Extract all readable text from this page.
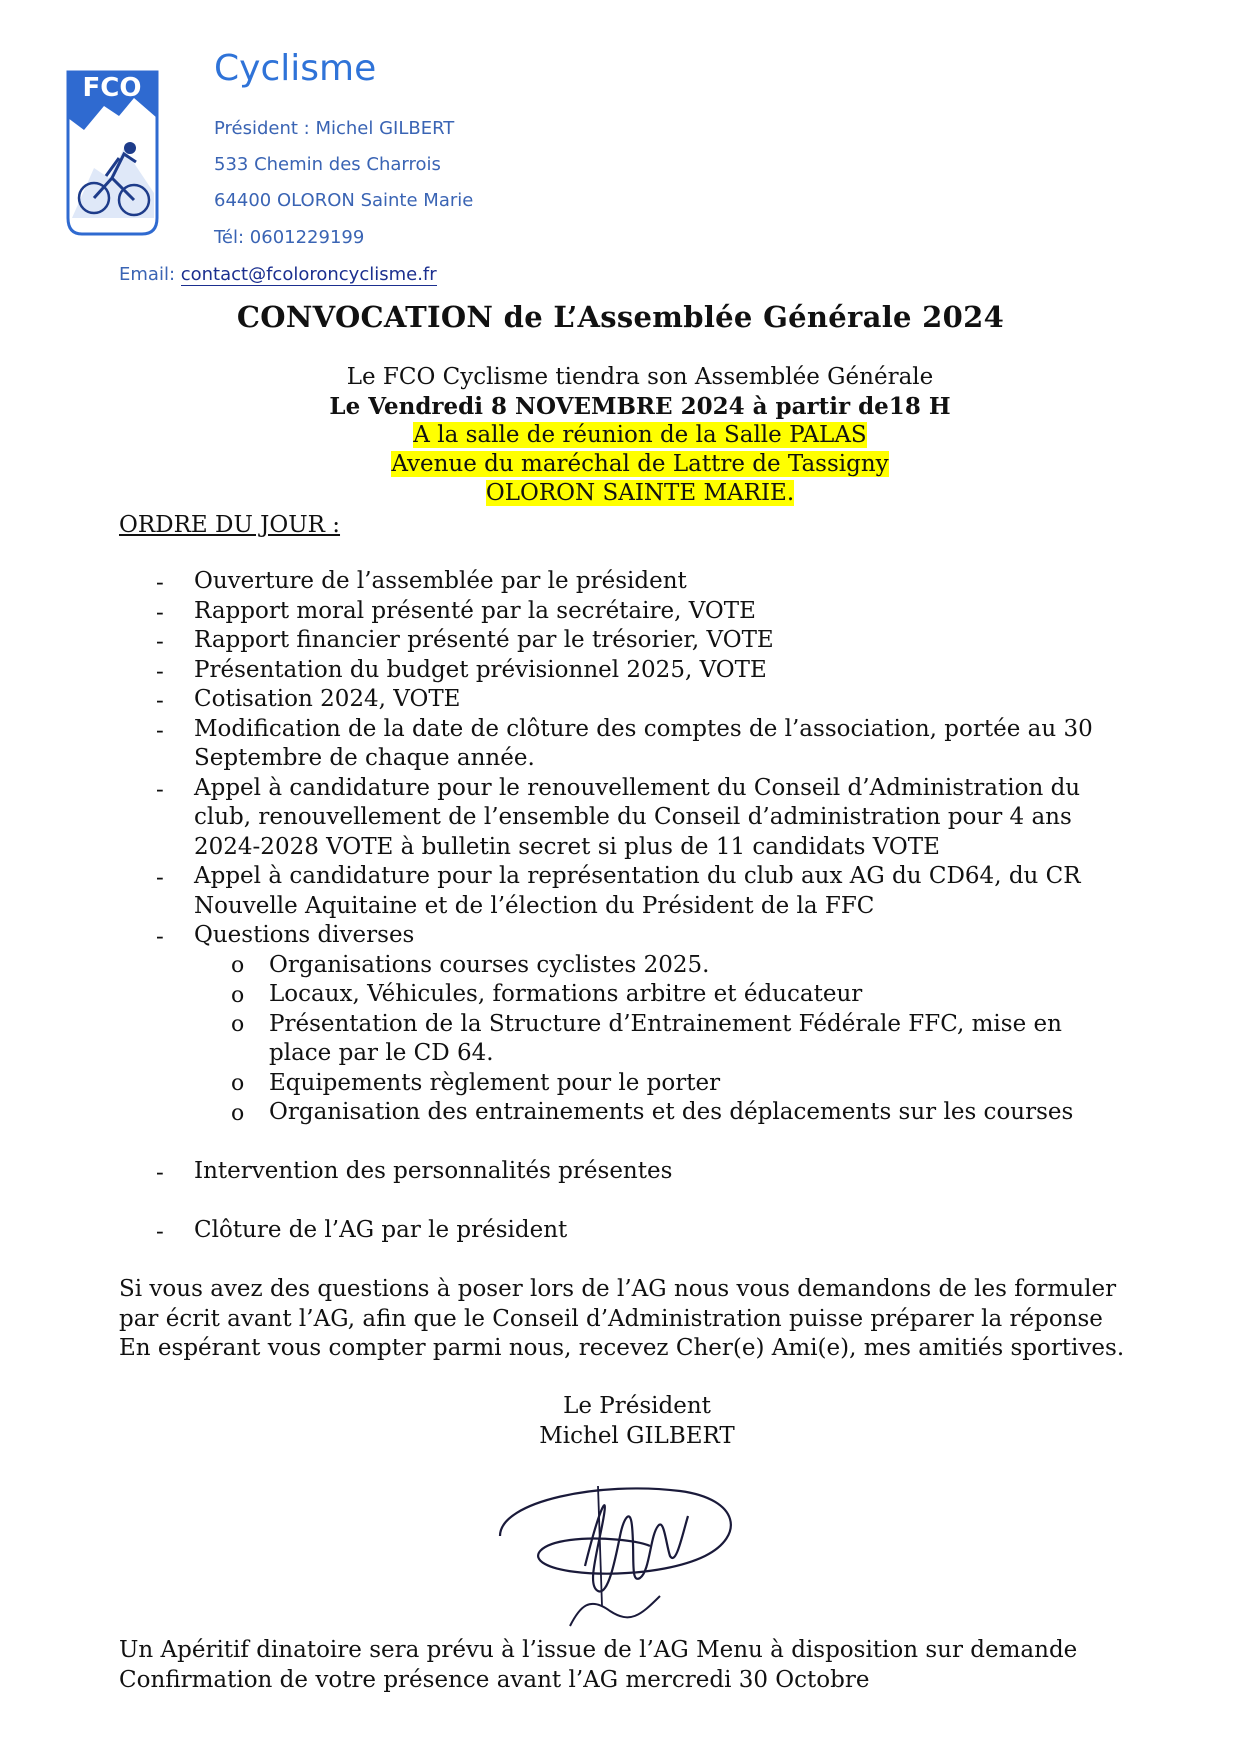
FCO Cyclisme
Président : Michel GILBERT
533 Chemin des Charrois
64400 OLORON Sainte Marie
Tél: 0601229199
Email: contact@fcoloroncyclisme.fr
CONVOCATION de L’Assemblée Générale 2024
Le FCO Cyclisme tiendra son Assemblée Générale
Le Vendredi 8 NOVEMBRE 2024 à partir de18 H
A la salle de réunion de la Salle PALAS
Avenue du maréchal de Lattre de Tassigny
OLORON SAINTE MARIE.
ORDRE DU JOUR :
- Ouverture de l’assemblée par le président
- Rapport moral présenté par la secrétaire, VOTE
- Rapport financier présenté par le trésorier, VOTE
- Présentation du budget prévisionnel 2025, VOTE
- Cotisation 2024, VOTE
- Modification de la date de clôture des comptes de l’association, portée au 30
Septembre de chaque année.
- Appel à candidature pour le renouvellement du Conseil d’Administration du
club, renouvellement de l’ensemble du Conseil d’administration pour 4 ans
2024-2028 VOTE à bulletin secret si plus de 11 candidats VOTE
- Appel à candidature pour la représentation du club aux AG du CD64, du CR
Nouvelle Aquitaine et de l’élection du Président de la FFC
- Questions diverses
o Organisations courses cyclistes 2025.
o Locaux, Véhicules, formations arbitre et éducateur
o Présentation de la Structure d’Entrainement Fédérale FFC, mise en
place par le CD 64.
o Equipements règlement pour le porter
o Organisation des entrainements et des déplacements sur les courses
- Intervention des personnalités présentes
- Clôture de l’AG par le président
Si vous avez des questions à poser lors de l’AG nous vous demandons de les formuler
par écrit avant l’AG, afin que le Conseil d’Administration puisse préparer la réponse
En espérant vous compter parmi nous, recevez Cher(e) Ami(e), mes amitiés sportives.
Le Président
Michel GILBERT
Un Apéritif dinatoire sera prévu à l’issue de l’AG Menu à disposition sur demande
Confirmation de votre présence avant l’AG mercredi 30 Octobre
